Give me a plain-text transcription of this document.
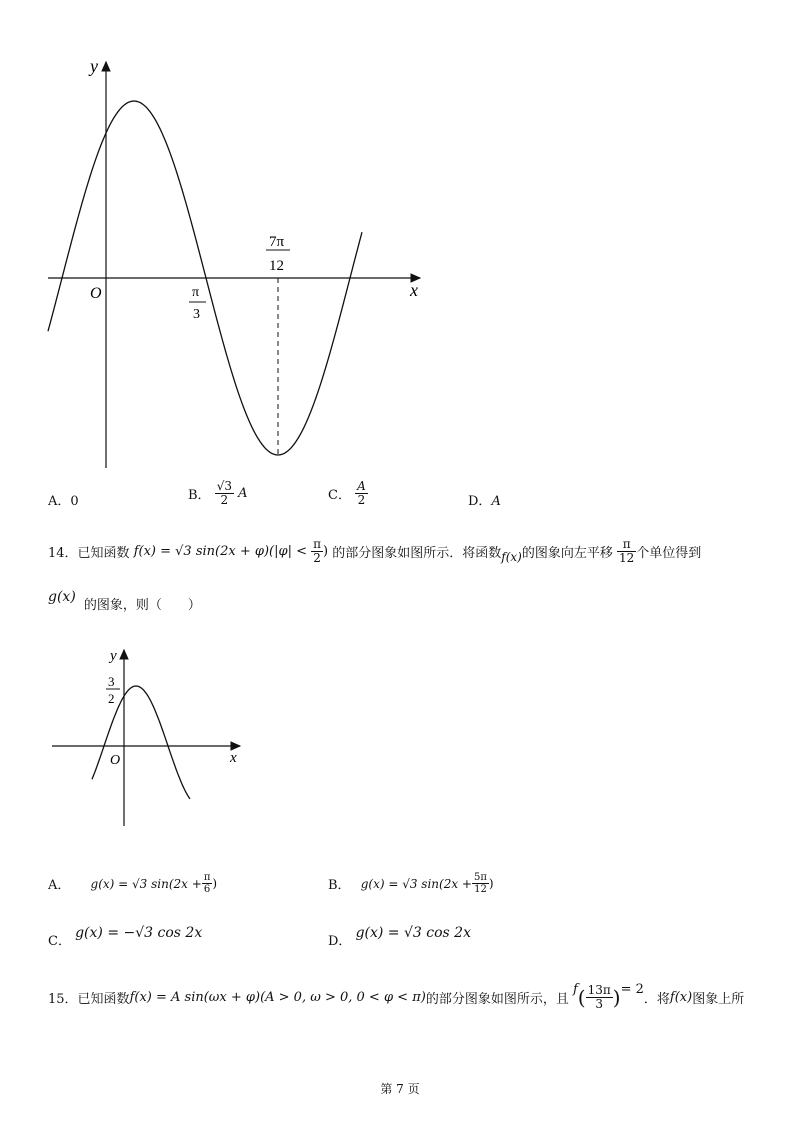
y
x
O	π
3
7π
12
A．0	B． $\frac{√3}{2}$ A	C． $\frac{A}{2}$	D．A
14．已知函数 f(x) = √3 $\sin(2x + \varphi)(|\varphi| < \frac{\pi}{2}$ ) 的部分图象如图所示．将函数f(x)的图象向左平移 $\frac{\pi}{12}$ 个单位得到
g(x) 的图象，则（　　）
y
x
O
3
2
A． g(x) = √3 $\sin(2x + \frac{\pi}{6}$ )	B． g(x) = √3 $\sin(2x + \frac{5\pi}{12}$ )
C． g(x) = −√3 cos 2x
D． g(x) = √3 cos 2x
15．已知函数f(x) = A sin(ωx + φ)(A > 0, ω > 0, 0 < φ < π)的部分图象如图所示，且 $f( \frac{13\pi}{3}$ )= 2．将f(x)图象上所
第 7 页
